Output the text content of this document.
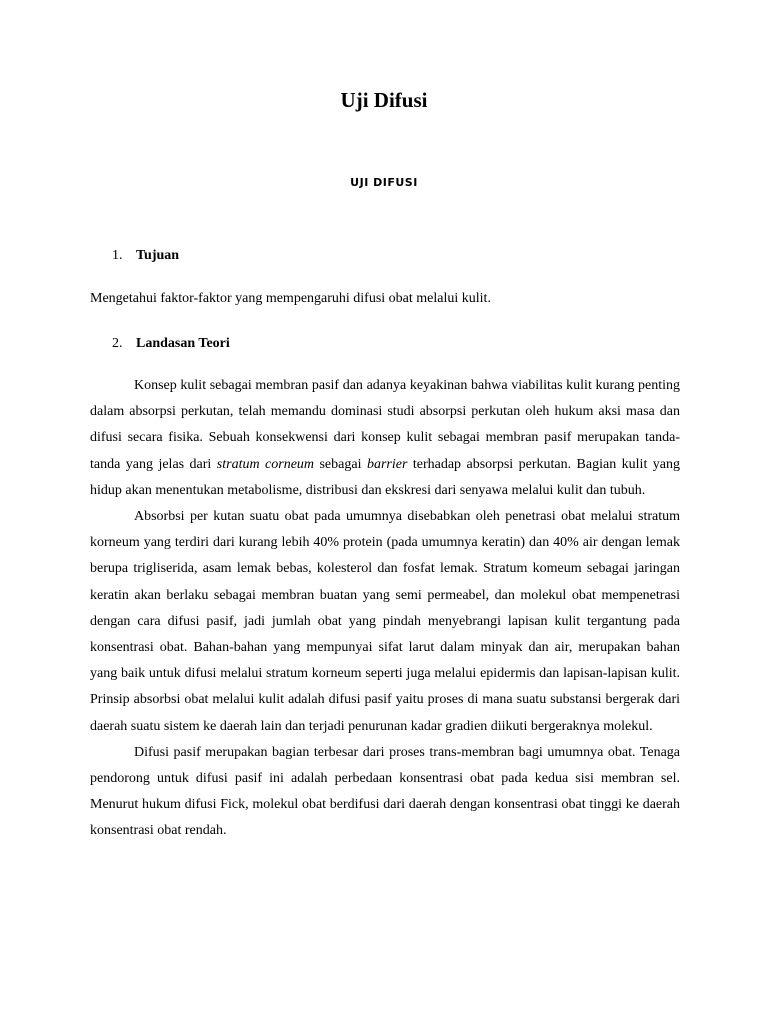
Uji Difusi
UJI DIFUSI
1. Tujuan

Mengetahui faktor-faktor yang mempengaruhi difusi obat melalui kulit.

2. Landasan Teori

Konsep kulit sebagai membran pasif dan adanya keyakinan bahwa viabilitas kulit kurang penting dalam absorpsi perkutan, telah memandu dominasi studi absorpsi perkutan oleh hukum aksi masa dan difusi secara fisika. Sebuah konsekwensi dari konsep kulit sebagai membran pasif merupakan tanda-tanda yang jelas dari stratum corneum sebagai barrier terhadap absorpsi perkutan. Bagian kulit yang hidup akan menentukan metabolisme, distribusi dan ekskresi dari senyawa melalui kulit dan tubuh.

Absorbsi per kutan suatu obat pada umumnya disebabkan oleh penetrasi obat melalui stratum korneum yang terdiri dari kurang lebih 40% protein (pada umumnya keratin) dan 40% air dengan lemak berupa trigliserida, asam lemak bebas, kolesterol dan fosfat lemak. Stratum komeum sebagai jaringan keratin akan berlaku sebagai membran buatan yang semi permeabel, dan molekul obat mempenetrasi dengan cara difusi pasif, jadi jumlah obat yang pindah menyebrangi lapisan kulit tergantung pada konsentrasi obat. Bahan-bahan yang mempunyai sifat larut dalam minyak dan air, merupakan bahan yang baik untuk difusi melalui stratum korneum seperti juga melalui epidermis dan lapisan-lapisan kulit. Prinsip absorbsi obat melalui kulit adalah difusi pasif yaitu proses di mana suatu substansi bergerak dari daerah suatu sistem ke daerah lain dan terjadi penurunan kadar gradien diikuti bergeraknya molekul.

Difusi pasif merupakan bagian terbesar dari proses trans-membran bagi umumnya obat. Tenaga pendorong untuk difusi pasif ini adalah perbedaan konsentrasi obat pada kedua sisi membran sel. Menurut hukum difusi Fick, molekul obat berdifusi dari daerah dengan konsentrasi obat tinggi ke daerah konsentrasi obat rendah.
